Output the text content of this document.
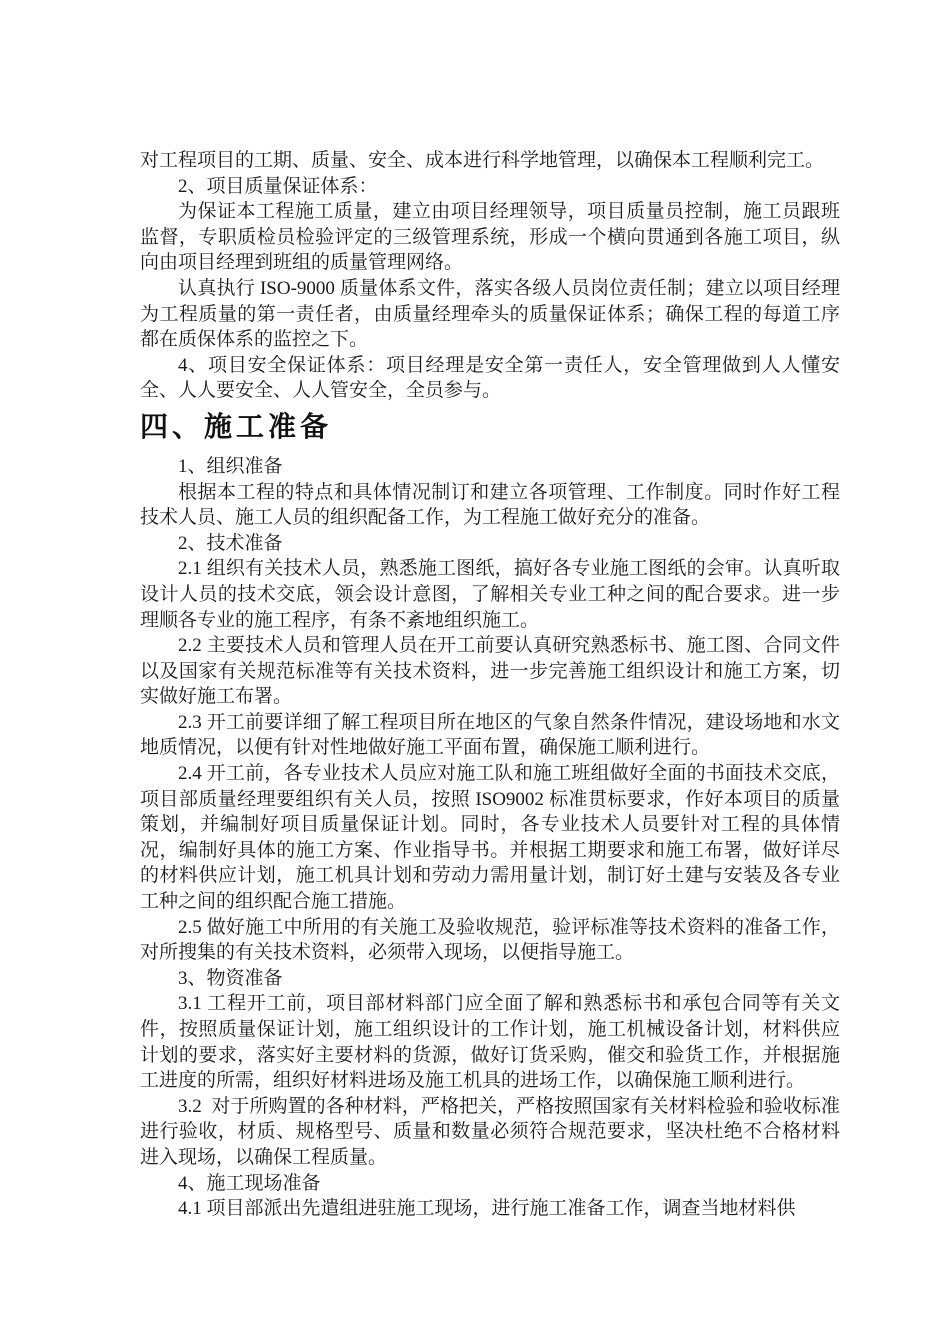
对工程项目的工期、质量、安全、成本进行科学地管理，以确保本工程顺利完工。
2、项目质量保证体系：
为保证本工程施工质量，建立由项目经理领导，项目质量员控制，施工员跟班监督，专职质检员检验评定的三级管理系统，形成一个横向贯通到各施工项目，纵向由项目经理到班组的质量管理网络。
认真执行 ISO-9000 质量体系文件，落实各级人员岗位责任制；建立以项目经理为工程质量的第一责任者，由质量经理牵头的质量保证体系；确保工程的每道工序都在质保体系的监控之下。
4、项目安全保证体系：项目经理是安全第一责任人，安全管理做到人人懂安全、人人要安全、人人管安全，全员参与。
四、施工准备
1、组织准备
根据本工程的特点和具体情况制订和建立各项管理、工作制度。同时作好工程技术人员、施工人员的组织配备工作，为工程施工做好充分的准备。
2、技术准备
2.1 组织有关技术人员，熟悉施工图纸，搞好各专业施工图纸的会审。认真听取设计人员的技术交底，领会设计意图，了解相关专业工种之间的配合要求。进一步理顺各专业的施工程序，有条不紊地组织施工。
2.2 主要技术人员和管理人员在开工前要认真研究熟悉标书、施工图、合同文件以及国家有关规范标准等有关技术资料，进一步完善施工组织设计和施工方案，切实做好施工布署。
2.3 开工前要详细了解工程项目所在地区的气象自然条件情况，建设场地和水文地质情况，以便有针对性地做好施工平面布置，确保施工顺利进行。
2.4 开工前，各专业技术人员应对施工队和施工班组做好全面的书面技术交底，项目部质量经理要组织有关人员，按照 ISO9002 标准贯标要求，作好本项目的质量策划，并编制好项目质量保证计划。同时，各专业技术人员要针对工程的具体情况，编制好具体的施工方案、作业指导书。并根据工期要求和施工布署，做好详尽的材料供应计划，施工机具计划和劳动力需用量计划，制订好土建与安装及各专业工种之间的组织配合施工措施。
2.5 做好施工中所用的有关施工及验收规范，验评标准等技术资料的准备工作，对所搜集的有关技术资料，必须带入现场，以便指导施工。
3、物资准备
3.1 工程开工前，项目部材料部门应全面了解和熟悉标书和承包合同等有关文件，按照质量保证计划，施工组织设计的工作计划，施工机械设备计划，材料供应计划的要求，落实好主要材料的货源，做好订货采购，催交和验货工作，并根据施工进度的所需，组织好材料进场及施工机具的进场工作，以确保施工顺利进行。
3.2  对于所购置的各种材料，严格把关，严格按照国家有关材料检验和验收标准进行验收，材质、规格型号、质量和数量必须符合规范要求，坚决杜绝不合格材料进入现场，以确保工程质量。
4、施工现场准备
4.1 项目部派出先遣组进驻施工现场，进行施工准备工作，调查当地材料供
